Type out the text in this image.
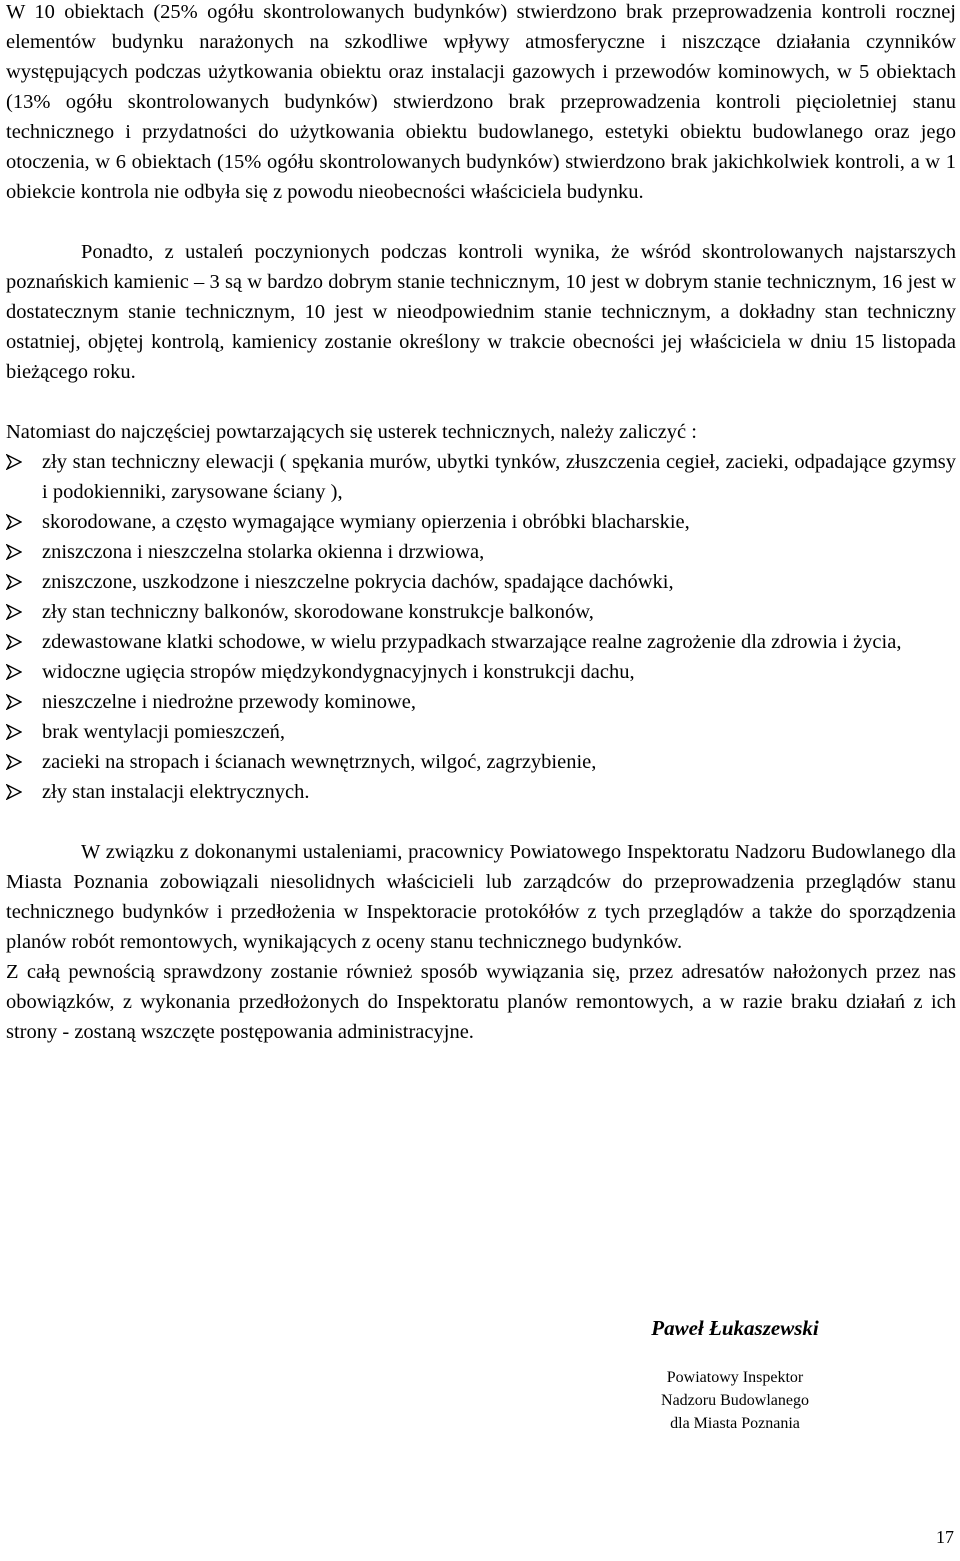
W 10 obiektach (25% ogółu skontrolowanych budynków) stwierdzono brak przeprowadzenia kontroli rocznej elementów budynku narażonych na szkodliwe wpływy atmosferyczne i niszczące działania czynników występujących podczas użytkowania obiektu oraz instalacji gazowych i przewodów kominowych, w 5 obiektach (13% ogółu skontrolowanych budynków) stwierdzono brak przeprowadzenia kontroli pięcioletniej stanu technicznego i przydatności do użytkowania obiektu budowlanego, estetyki obiektu budowlanego oraz jego otoczenia, w 6 obiektach (15% ogółu skontrolowanych budynków) stwierdzono brak jakichkolwiek kontroli, a w 1 obiekcie kontrola nie odbyła się z powodu nieobecności właściciela budynku.

Ponadto, z ustaleń poczynionych podczas kontroli wynika, że wśród skontrolowanych najstarszych poznańskich kamienic – 3 są w bardzo dobrym stanie technicznym, 10 jest w dobrym stanie technicznym, 16 jest w dostatecznym stanie technicznym, 10 jest w nieodpowiednim stanie technicznym, a dokładny stan techniczny ostatniej, objętej kontrolą, kamienicy zostanie określony w trakcie obecności jej właściciela w dniu 15 listopada bieżącego roku.

Natomiast do najczęściej powtarzających się usterek technicznych, należy zaliczyć :

zły stan techniczny elewacji ( spękania murów, ubytki tynków, złuszczenia cegieł, zacieki, odpadające gzymsy i podokienniki, zarysowane ściany ),
skorodowane, a często wymagające wymiany opierzenia i obróbki blacharskie,
zniszczona i nieszczelna stolarka okienna i drzwiowa,
zniszczone, uszkodzone i nieszczelne pokrycia dachów, spadające dachówki,
zły stan techniczny balkonów, skorodowane konstrukcje balkonów,
zdewastowane klatki schodowe, w wielu przypadkach stwarzające realne zagrożenie dla zdrowia i życia,
widoczne ugięcia stropów międzykondygnacyjnych i konstrukcji dachu,
nieszczelne i niedrożne przewody kominowe,
brak wentylacji pomieszczeń,
zacieki na stropach i ścianach wewnętrznych, wilgoć, zagrzybienie,
zły stan instalacji elektrycznych.

W związku z dokonanymi ustaleniami, pracownicy Powiatowego Inspektoratu Nadzoru Budowlanego dla Miasta Poznania zobowiązali niesolidnych właścicieli lub zarządców do przeprowadzenia przeglądów stanu technicznego budynków i przedłożenia w Inspektoracie protokółów z tych przeglądów a także do sporządzenia planów robót remontowych, wynikających z oceny stanu technicznego budynków.

Z całą pewnością sprawdzony zostanie również sposób wywiązania się, przez adresatów nałożonych przez nas obowiązków, z wykonania przedłożonych do Inspektoratu planów remontowych, a w razie braku działań z ich strony - zostaną wszczęte postępowania administracyjne.

Paweł Łukaszewski
Powiatowy Inspektor
Nadzoru Budowlanego
dla Miasta Poznania
17
